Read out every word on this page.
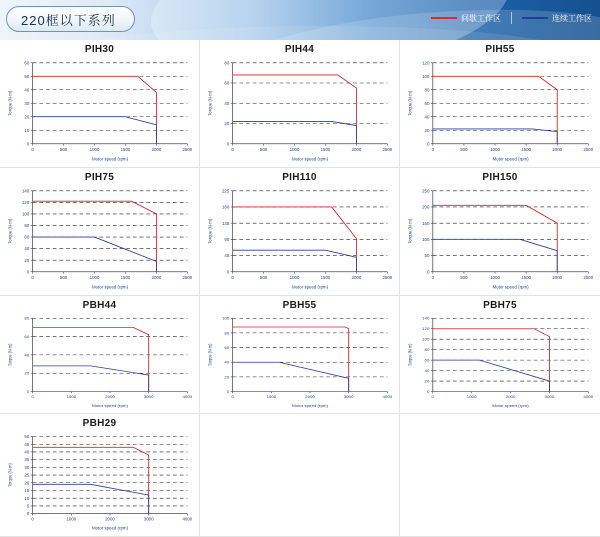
220框以下系列	间歇工作区	连续工作区
PIH30
0
10
20
30
40
50
60
0	500	1000	1500	2000	2500
Motor speed (rpm)
Torque (N·m)
PIH44
0
20
40
60
80
0	500	1000	1500	2000	2500
Motor speed (rpm)
Torque (N·m)
PIH55
0
20
40
60
80
100
120
0	500	1000	1500	2000	2500
Motor speed (rpm)
Torque (N·m)
PIH75
0
20
40
60
80
100
120
140
0	500	1000	1500	2000	2500
Motor speed (rpm)
Torque (N·m)
PIH110
0
45
90
135
180
225
0	500	1000	1500	2000	2500
Motor speed (rpm)
Torque (N·m)
PIH150
0
50
100
150
200
250
0	500	1000	1500	2000	2500
Motor speed (rpm)
Torque (N·m)
PBH44
0
20
40
60
80
0	1000	2000	3000	4000
Motor speed (rpm)
Torque (N·m)
PBH55
0
20
40
60
80
100
0	1000	2000	3000	4000
Motor speed (rpm)
Torque (N·m)
PBH75
0
20
40
60
80
100
120
140
0	1000	2000	3000	4000
Motor speed (rpm)
Torque (N·m)
PBH29
0
5
10
15
20
25
30
35
40
45
50
0	1000	2000	3000	4000
Motor speed (rpm)
Torque (N·m)
